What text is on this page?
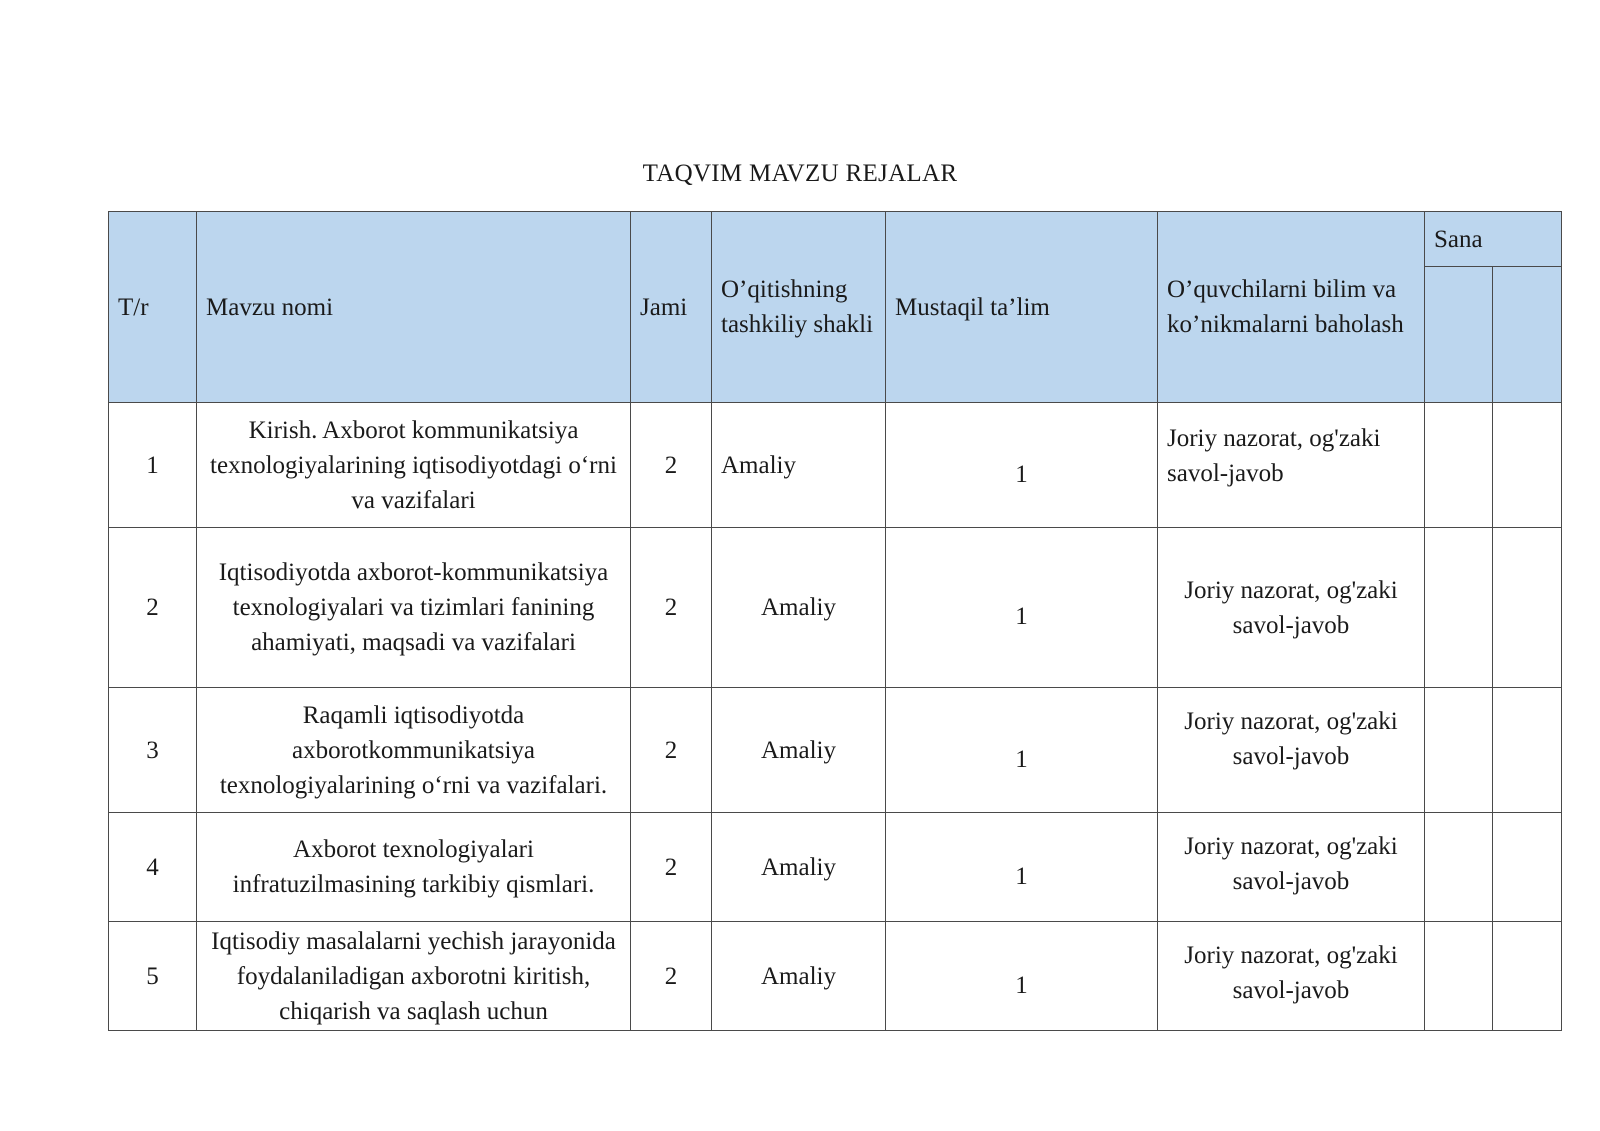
TAQVIM MAVZU REJALAR
T/r	Mavzu nomi	Jami	O’qitishning tashkiliy shakli	Mustaqil ta’lim	O’quvchilarni bilim va ko’nikmalarni baholash	Sana	

1	Kirish. Axborot kommunikatsiya texnologiyalarining iqtisodiyotdagi o‘rni va vazifalari	2	Amaliy	1	Joriy nazorat, og'zaki savol-javob		
2	Iqtisodiyotda axborot-kommunikatsiya texnologiyalari va tizimlari fanining ahamiyati, maqsadi va vazifalari	2	Amaliy	1	Joriy nazorat, og'zaki savol-javob		
3	Raqamli iqtisodiyotda axborotkommunikatsiya texnologiyalarining o‘rni va vazifalari.	2	Amaliy	1	Joriy nazorat, og'zaki savol-javob		
4	Axborot texnologiyalari infratuzilmasining tarkibiy qismlari.	2	Amaliy	1	Joriy nazorat, og'zaki savol-javob		
5	Iqtisodiy masalalarni yechish jarayonida foydalaniladigan axborotni kiritish, chiqarish va saqlash uchun	2	Amaliy	1	Joriy nazorat, og'zaki savol-javob		
